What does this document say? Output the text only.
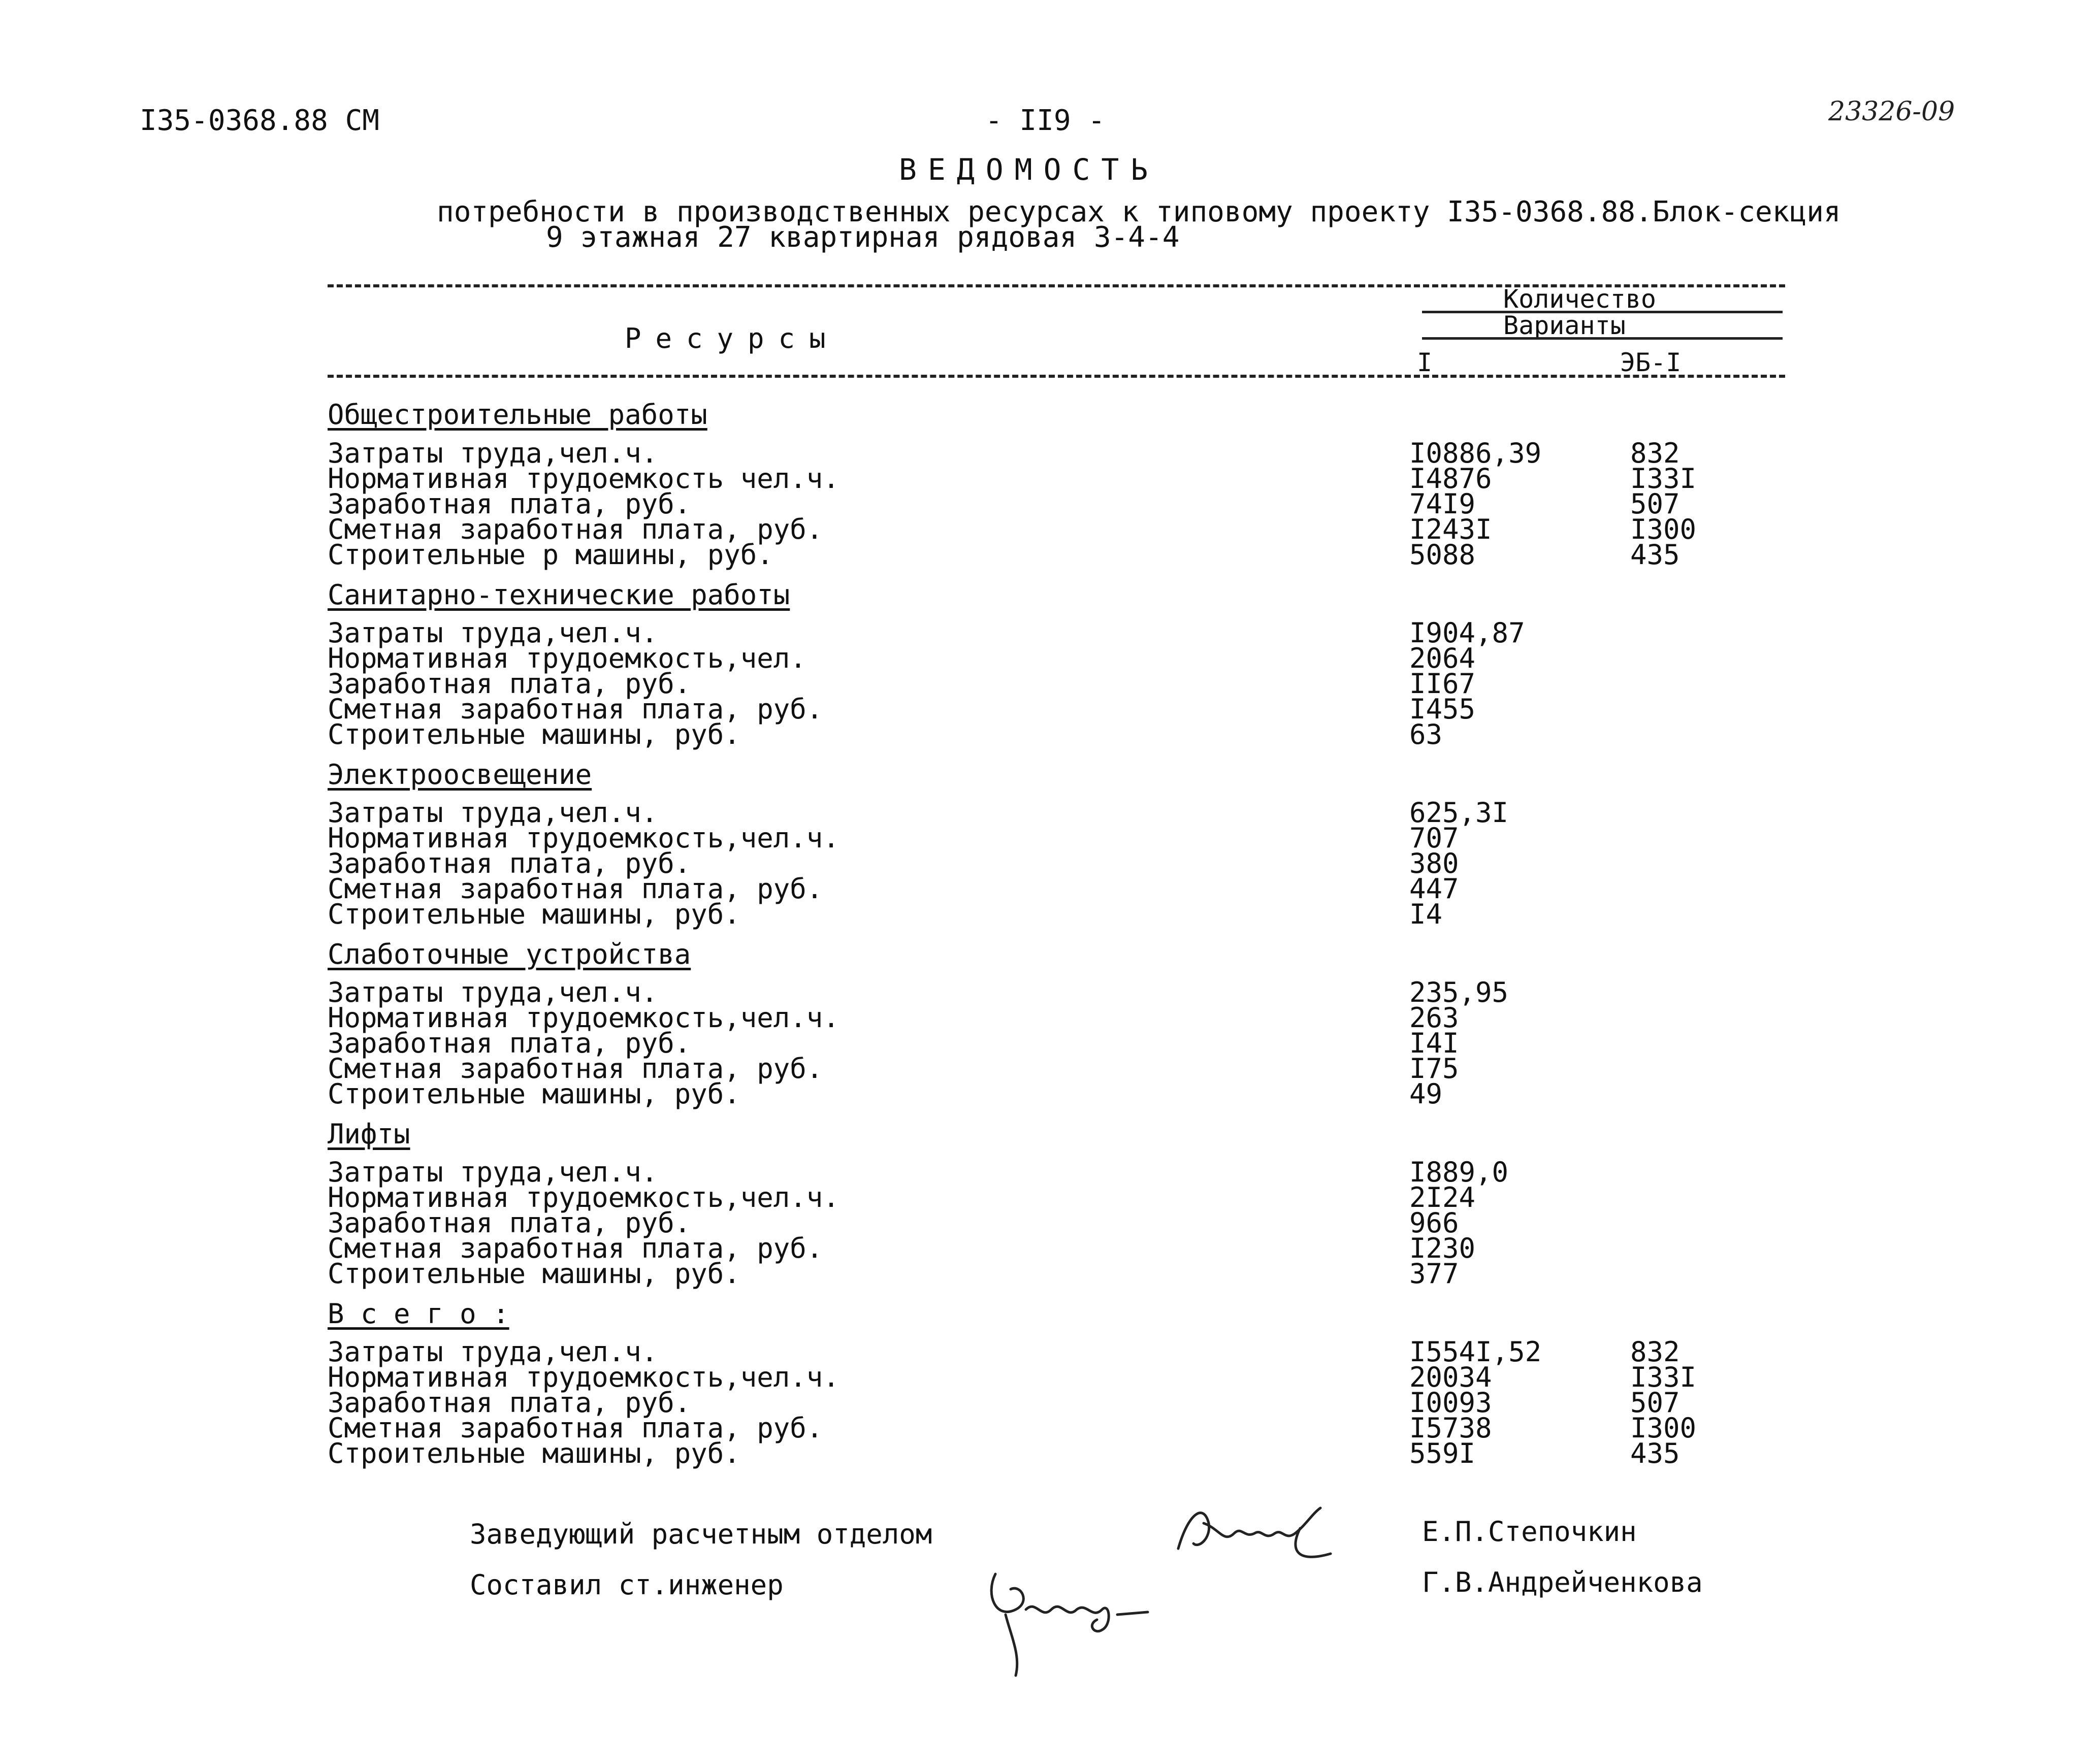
I35-0368.88 СМ	- II9 -	23326-09
ВЕДОМОСТЬ
потребности в производственных ресурсах к типовому проекту I35-0368.88.Блок-секция
9 этажная 27 квартирная рядовая 3-4-4
Количество
Варианты
Ресурсы
I	ЭБ-I
Общестроительные работы
Затраты труда,чел.ч.	I0886,39	832
Нормативная трудоемкость чел.ч.	I4876	I33I
Заработная плата, руб.	74I9	507
Сметная заработная плата, руб.	I243I	I300
Строительные р машины, руб.	5088	435
Санитарно-технические работы
Затраты труда,чел.ч.	I904,87
Нормативная трудоемкость,чел.	2064
Заработная плата, руб.	II67
Сметная заработная плата, руб.	I455
Строительные машины, руб.	63
Электроосвещение
Затраты труда,чел.ч.	625,3I
Нормативная трудоемкость,чел.ч.	707
Заработная плата, руб.	380
Сметная заработная плата, руб.	447
Строительные машины, руб.	I4
Слаботочные устройства
Затраты труда,чел.ч.	235,95
Нормативная трудоемкость,чел.ч.	263
Заработная плата, руб.	I4I
Сметная заработная плата, руб.	I75
Строительные машины, руб.	49
Лифты
Затраты труда,чел.ч.	I889,0
Нормативная трудоемкость,чел.ч.	2I24
Заработная плата, руб.	966
Сметная заработная плата, руб.	I230
Строительные машины, руб.	377
В с е г о :
Затраты труда,чел.ч.	I554I,52	832
Нормативная трудоемкость,чел.ч.	20034	I33I
Заработная плата, руб.	I0093	507
Сметная заработная плата, руб.	I5738	I300
Строительные машины, руб.	559I	435
Заведующий расчетным отделом	Е.П.Степочкин
Составил ст.инженер	Г.В.Андрейченкова
